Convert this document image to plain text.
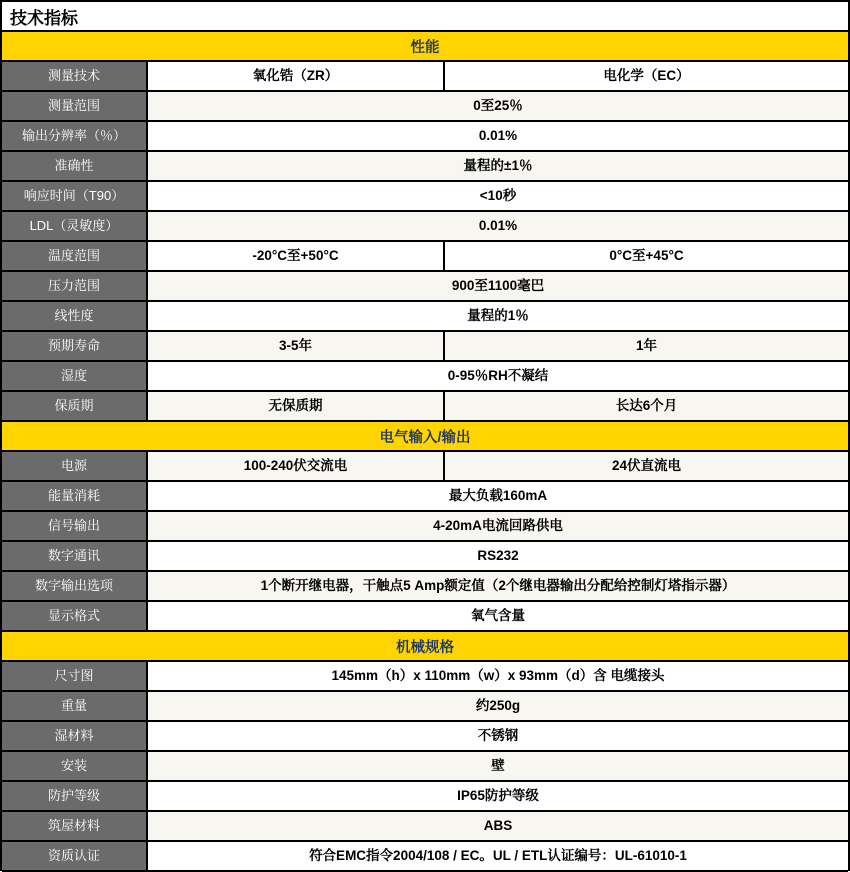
技术指标
性能
测量技术	氧化锆（ZR）	电化学（EC）
测量范围	0至25％
输出分辨率（％）	0.01%
准确性	量程的±1％
响应时间（T90）	<10秒
LDL（灵敏度）	0.01%
温度范围	-20°C至+50°C	0°C至+45°C
压力范围	900至1100毫巴
线性度	量程的1％
预期寿命	3-5年	1年
湿度	0-95％RH不凝结
保质期	无保质期	长达6个月
电气输入/输出
电源	100-240伏交流电	24伏直流电
能量消耗	最大负载160mA
信号输出	4-20mA电流回路供电
数字通讯	RS232
数字输出选项	1个断开继电器，干触点5 Amp额定值（2个继电器输出分配给控制灯塔指示器）
显示格式	氧气含量
机械规格
尺寸图	145mm（h）x 110mm（w）x 93mm（d）含 电缆接头
重量	约250g
湿材料	不锈钢
安装	壁
防护等级	IP65防护等级
筑屋材料	ABS
资质认证	符合EMC指令2004/108 / EC。UL / ETL认证编号：UL-61010-1
